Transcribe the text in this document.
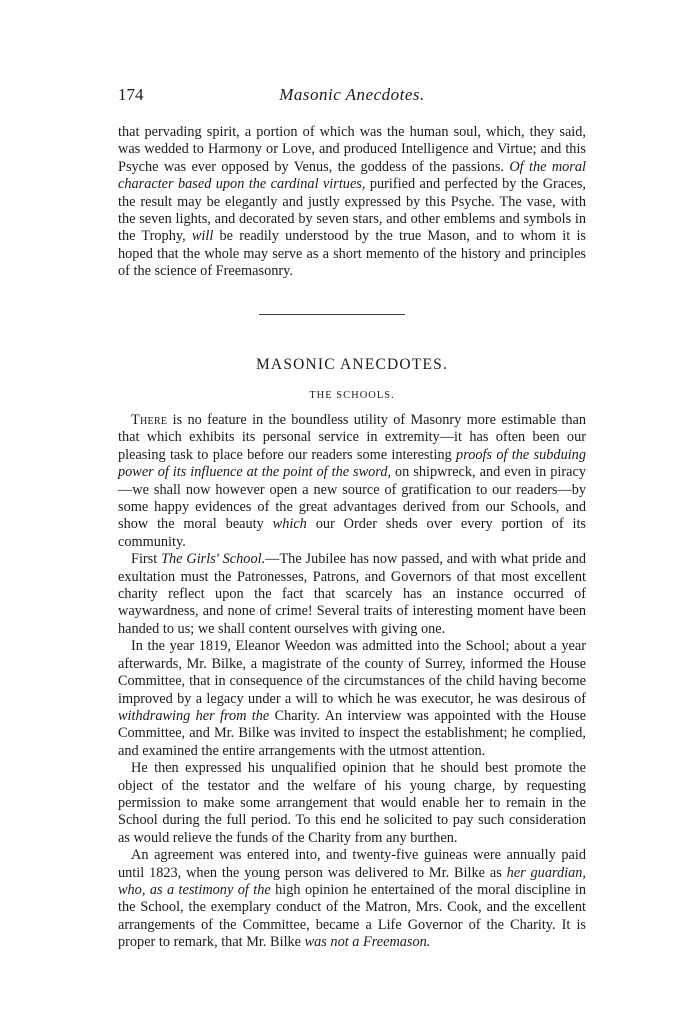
174	Masonic Anecdotes.

that pervading spirit, a portion of which was the human soul, which, they said, was wedded to Harmony or Love, and produced Intelligence and Virtue; and this Psyche was ever opposed by Venus, the goddess of the passions. Of the moral character based upon the cardinal virtues, purified and perfected by the Graces, the result may be elegantly and justly expressed by this Psyche. The vase, with the seven lights, and decorated by seven stars, and other emblems and symbols in the Trophy, will be readily understood by the true Mason, and to whom it is hoped that the whole may serve as a short memento of the history and principles of the science of Freemasonry.

MASONIC ANECDOTES.
THE SCHOOLS.

There is no feature in the boundless utility of Masonry more estimable than that which exhibits its personal service in extremity—it has often been our pleasing task to place before our readers some interesting proofs of the subduing power of its influence at the point of the sword, on shipwreck, and even in piracy—we shall now however open a new source of gratification to our readers—by some happy evidences of the great advantages derived from our Schools, and show the moral beauty which our Order sheds over every portion of its community.

First The Girls' School.—The Jubilee has now passed, and with what pride and exultation must the Patronesses, Patrons, and Governors of that most excellent charity reflect upon the fact that scarcely has an instance occurred of waywardness, and none of crime! Several traits of interesting moment have been handed to us; we shall content ourselves with giving one.

In the year 1819, Eleanor Weedon was admitted into the School; about a year afterwards, Mr. Bilke, a magistrate of the county of Surrey, informed the House Committee, that in consequence of the circumstances of the child having become improved by a legacy under a will to which he was executor, he was desirous of withdrawing her from the Charity. An interview was appointed with the House Committee, and Mr. Bilke was invited to inspect the establishment; he complied, and examined the entire arrangements with the utmost attention.

He then expressed his unqualified opinion that he should best promote the object of the testator and the welfare of his young charge, by requesting permission to make some arrangement that would enable her to remain in the School during the full period. To this end he solicited to pay such consideration as would relieve the funds of the Charity from any burthen.

An agreement was entered into, and twenty-five guineas were annually paid until 1823, when the young person was delivered to Mr. Bilke as her guardian, who, as a testimony of the high opinion he entertained of the moral discipline in the School, the exemplary conduct of the Matron, Mrs. Cook, and the excellent arrangements of the Committee, became a Life Governor of the Charity. It is proper to remark, that Mr. Bilke was not a Freemason.
